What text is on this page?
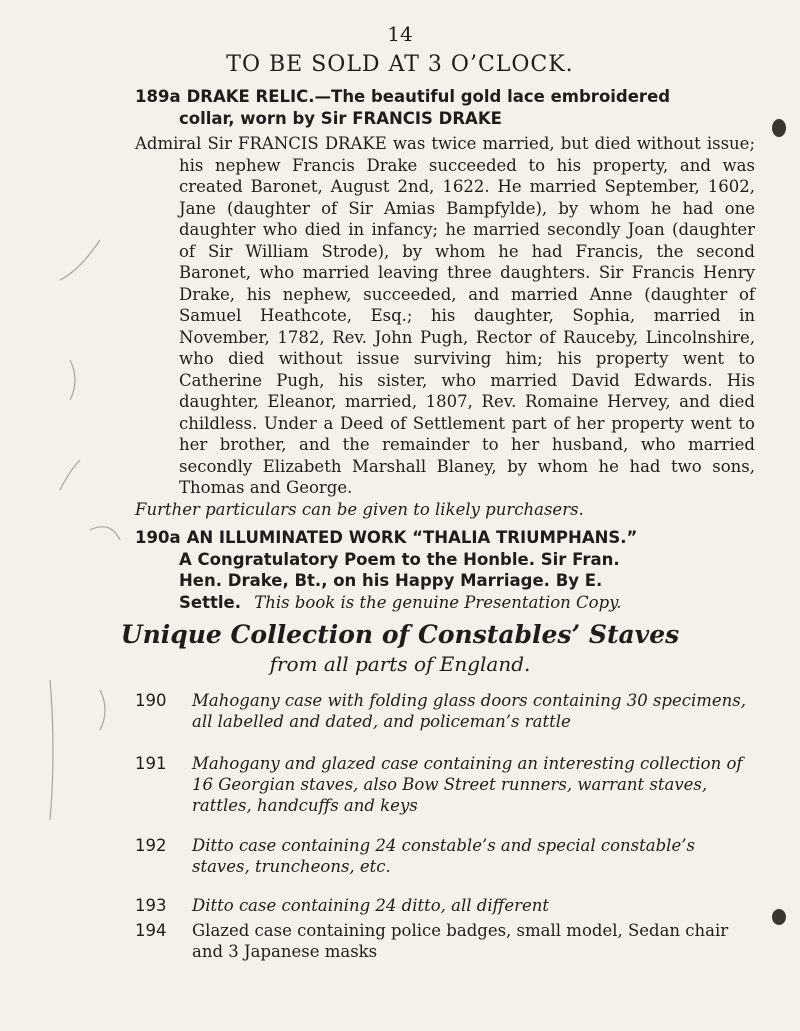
14
TO BE SOLD AT 3 O’CLOCK.
189a DRAKE RELIC.—The beautiful gold lace embroidered
collar, worn by Sir FRANCIS DRAKE
Admiral Sir FRANCIS DRAKE was twice married, but died without issue; his nephew Francis Drake succeeded to his property, and was created Baronet, August 2nd, 1622. He married September, 1602, Jane (daughter of Sir Amias Bampfylde), by whom he had one daughter who died in infancy; he married secondly Joan (daughter of Sir William Strode), by whom he had Francis, the second Baronet, who married leaving three daughters. Sir Francis Henry Drake, his nephew, succeeded, and married Anne (daughter of Samuel Heathcote, Esq.; his daughter, Sophia, married in November, 1782, Rev. John Pugh, Rector of Rauceby, Lincolnshire, who died without issue surviving him; his property went to Catherine Pugh, his sister, who married David Edwards. His daughter, Eleanor, married, 1807, Rev. Romaine Hervey, and died childless. Under a Deed of Settlement part of her property went to her brother, and the remainder to her husband, who married secondly Elizabeth Marshall Blaney, by whom he had two sons, Thomas and George.
Further particulars can be given to likely purchasers.
190a AN ILLUMINATED WORK “THALIA TRIUMPHANS.”
A Congratulatory Poem to the Honble. Sir Fran.
Hen. Drake, Bt., on his Happy Marriage. By E.
Settle. This book is the genuine Presentation Copy.
Unique Collection of Constables’ Staves
from all parts of England.
190	Mahogany case with folding glass doors containing 30 specimens, all labelled and dated, and policeman’s rattle
191	Mahogany and glazed case containing an interesting collection of 16 Georgian staves, also Bow Street runners, warrant staves, rattles, handcuffs and keys
192	Ditto case containing 24 constable’s and special constable’s staves, truncheons, etc.
193	Ditto case containing 24 ditto, all different
194	Glazed case containing police badges, small model, Sedan chair and 3 Japanese masks
